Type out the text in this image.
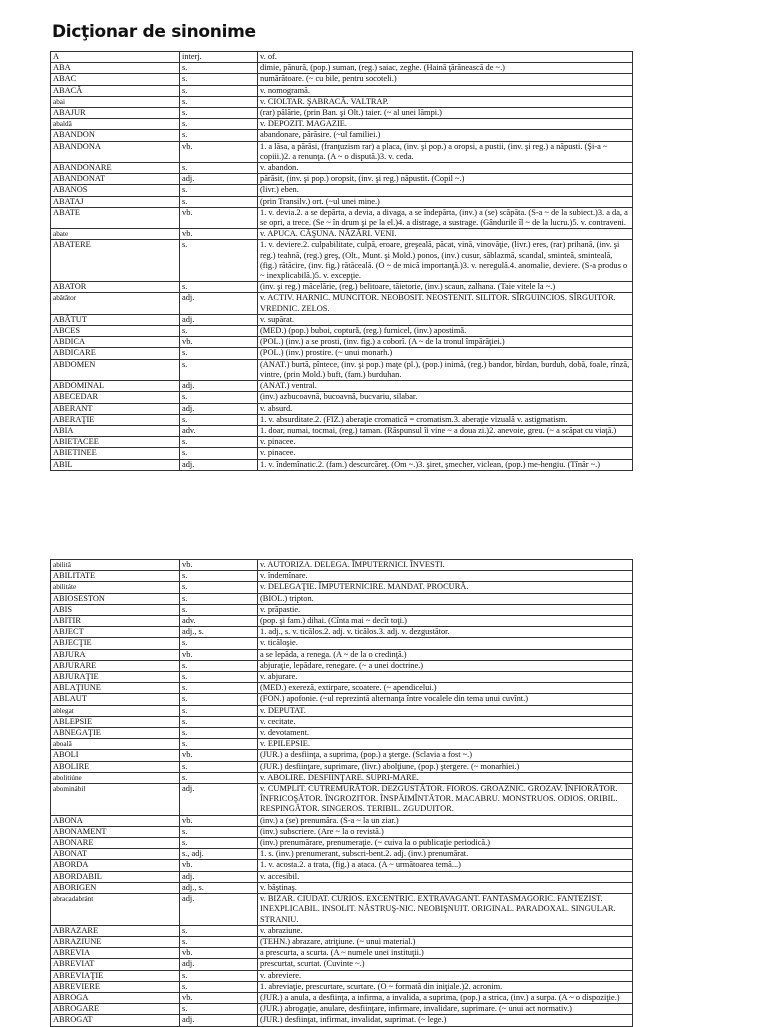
Dicţionar de sinonime
A	interj.	v. of.
ABA	s.	dimie, pănură, (pop.) suman, (reg.) saiac, zeghe. (Haină ţărănească de ~.)
ABAC	s.	numărătoare. (~ cu bile, pentru socoteli.)
ABACĂ	s.	v. nomogramă.
abai	s.	v. CIOLTAR. ŞABRACĂ. VALTRAP.
ABAJUR	s.	(rar) pălărie, (prin Ban. şi Olt.) taier. (~ al unei lămpi.)
abaldâ	s.	v. DEPOZIT. MAGAZIE.
ABANDON	s.	abandonare, părăsire. (~ul familiei.)
ABANDONA	vb.	1. a lăsa, a părăsi, (franţuzism rar) a placa, (inv. şi pop.) a oropsi, a pustii, (inv. şi reg.) a năpusti. (Şi-a ~ copiii.)2. a renunţa. (A ~ o dispută.)3. v. ceda.
ABANDONARE	s.	v. abandon.
ABANDONAT	adj.	părăsit, (inv. şi pop.) oropsit, (inv. şi reg.) năpustit. (Copil ~.)
ABANOS	s.	(livr.) eben.
ABATAJ	s.	(prin Transilv.) ort. (~ul unei mine.)
ABATE	vb.	1. v. devia.2. a se depărta, a devia, a divaga, a se îndepărta, (inv.) a (se) scăpăta. (S-a ~ de la subiect.)3. a da, a se opri, a trece. (Se ~ în drum şi pe la el.)4. a distrage, a sustrage. (Gândurile îl ~ de la lucru.)5. v. contraveni.
abate	vb.	v. APUCA. CĂŞUNA. NĂZĂRI. VENI.
ABATERE	s.	1. v. deviere.2. culpabilitate, culpă, eroare, greşeală, păcat, vină, vinovăţie, (livr.) eres, (rar) prihană, (inv. şi reg.) teahnă, (reg.) greş, (Olt., Munt. şi Mold.) ponos, (inv.) cusur, săblazmă, scandal, sminteă, sminteală, (fig.) rătăcire, (inv. fig.) rătăceală. (O ~ de mică importanţă.)3. v. neregulă.4. anomalie, deviere. (S-a produs o ~ inexplicabilă.)5. v. excepţie.
ABATOR	s.	(inv. şi reg.) măcelărie, (reg.) belitoare, tăietorie, (inv.) scaun, zalhana. (Taie vitele la ~.)
abătător	adj.	v. ACTIV. HARNIC. MUNCITOR. NEOBOSIT. NEOSTENIT. SILITOR. SÎRGUINCIOS. SÎRGUITOR. VREDNIC. ZELOS.
ABĂTUT	adj.	v. supărat.
ABCES	s.	(MED.) (pop.) buboi, copturǎ, (reg.) furnicel, (inv.) apostimǎ.
ABDICA	vb.	(POL.) (inv.) a se prosti, (inv. fig.) a coborî. (A ~ de la tronul împărăţiei.)
ABDICARE	s.	(POL.) (inv.) prostire. (~ unui monarh.)
ABDOMEN	s.	(ANAT.) burtă, pîntece, (inv. şi pop.) maţe (pl.), (pop.) inimă, (reg.) bandor, bîrdan, burduh, dobă, foale, rînză, vintre, (prin Mold.) buft, (fam.) burduhan.
ABDOMINAL	adj.	(ANAT.) ventral.
ABECEDAR	s.	(inv.) azbucoavnă, bucoavnă, bucvariu, silabar.
ABERANT	adj.	v. absurd.
ABERAŢIE	s.	1. v. absurditate.2. (FIZ.) aberaţie cromatică = cromatism.3. aberaţie vizuală v. astigmatism.
ABIA	adv.	1. doar, numai, tocmai, (reg.) taman. (Răspunsul îi vine ~ a doua zi.)2. anevoie, greu. (~ a scăpat cu viaţă.)
ABIETACEE	s.	v. pinacee.
ABIETINEE	s.	v. pinacee.
ABIL	adj.	1. v. îndemînatic.2. (fam.) descurcăreţ. (Om ~.)3. şiret, şmecher, viclean, (pop.) me-hengiu. (Tînăr ~.)
abilitâ	vb.	v. AUTORIZA. DELEGA. ÎMPUTERNICI. ÎNVESTI.
ABILITATE	s.	v. îndemînare.
abilitáte	s.	v. DELEGAŢIE. ÎMPUTERNICIRE. MANDAT. PROCURĂ.
ABIOSESTON	s.	(BIOL.) tripton.
ABIS	s.	v. prăpastie.
ABITIR	adv.	(pop. şi fam.) dihai. (Cînta mai ~ decît toţi.)
ABJECT	adj., s.	1. adj., s. v. ticălos.2. adj. v. ticălos.3. adj. v. dezgustător.
ABJECŢIE	s.	v. ticăloşie.
ABJURA	vb.	a se lepăda, a renega. (A ~ de la o credinţă.)
ABJURARE	s.	abjuraţie, lepădare, renegare. (~ a unei doctrine.)
ABJURAŢIE	s.	v. abjurare.
ABLAŢIUNE	s.	(MED.) exereză, extirpare, scoatere. (~ apendicelui.)
ABLAUT	s.	(FON.) apofonie. (~ul reprezintă alternanţa între vocalele din tema unui cuvînt.)
ablegat	s.	v. DEPUTAT.
ABLEPSIE	s.	v. cecitate.
ABNEGAŢIE	s.	v. devotament.
aboalǎ	s.	v. EPILEPSIE.
ABOLI	vb.	(JUR.) a desfiinţa, a suprima, (pop.) a şterge. (Sclavia a fost ~.)
ABOLIRE	s.	(JUR.) desfiinţare, suprimare, (livr.) abolţiune, (pop.) ştergere. (~ monarhiei.)
abolitiúne	s.	v. ABOLIRE. DESFIINŢARE. SUPRI-MARE.
abominábil	adj.	v. CUMPLIT. CUTREMURĂTOR. DEZGUSTĂTOR. FIOROS. GROAZNIC. GROZAV. ÎNFIORĂTOR. ÎNFRICOŞĂTOR. ÎNGROZITOR. ÎNSPĂIMÎNTĂTOR. MACABRU. MONSTRUOS. ODIOS. ORIBIL. RESPINGĂTOR. SINGEROS. TERIBIL. ZGUDUITOR.
ABONA	vb.	(inv.) a (se) prenumăra. (S-a ~ la un ziar.)
ABONAMENT	s.	(inv.) subscriere. (Are ~ la o revistă.)
ABONARE	s.	(inv.) prenumărare, prenumeraţie. (~ cuiva la o publicaţie periodică.)
ABONAT	s., adj.	1. s. (inv.) prenumerant, subscri-bent.2. adj. (inv.) prenumărat.
ABORDA	vb.	1. v. acosta.2. a trata, (fig.) a ataca. (A ~ următoarea temă...)
ABORDABIL	adj.	v. accesibil.
ABORIGEN	adj., s.	v. băştinaş.
abracadabránt	adj.	v. BIZAR. CIUDAT. CURIOS. EXCENTRIC. EXTRAVAGANT. FANTASMAGORIC. FANTEZIST. INEXPLICABIL. INSOLIT. NĂSTRUŞ-NIC. NEOBIŞNUIT. ORIGINAL. PARADOXAL. SINGULAR. STRANIU.
ABRAZARE	s.	v. abraziune.
ABRAZIUNE	s.	(TEHN.) abrazare, atriţiune. (~ unui material.)
ABREVIA	vb.	a prescurta, a scurta. (A ~ numele unei instituţii.)
ABREVIAT	adj.	prescurtat, scurtat. (Cuvinte ~.)
ABREVIAŢIE	s.	v. abreviere.
ABREVIERE	s.	1. abreviaţie, prescurtare, scurtare. (O ~ formată din iniţiale.)2. acronim.
ABROGA	vb.	(JUR.) a anula, a desfiinţa, a infirma, a invalida, a suprima, (pop.) a strica, (inv.) a surpa. (A ~ o dispoziţie.)
ABROGARE	s.	(JUR.) abrogaţie, anulare, desfiinţare, infirmare, invalidare, suprimare. (~ unui act normativ.)
ABROGAT	adj.	(JUR.) desfiinţat, infirmat, invalidat, suprimat. (~ lege.)
